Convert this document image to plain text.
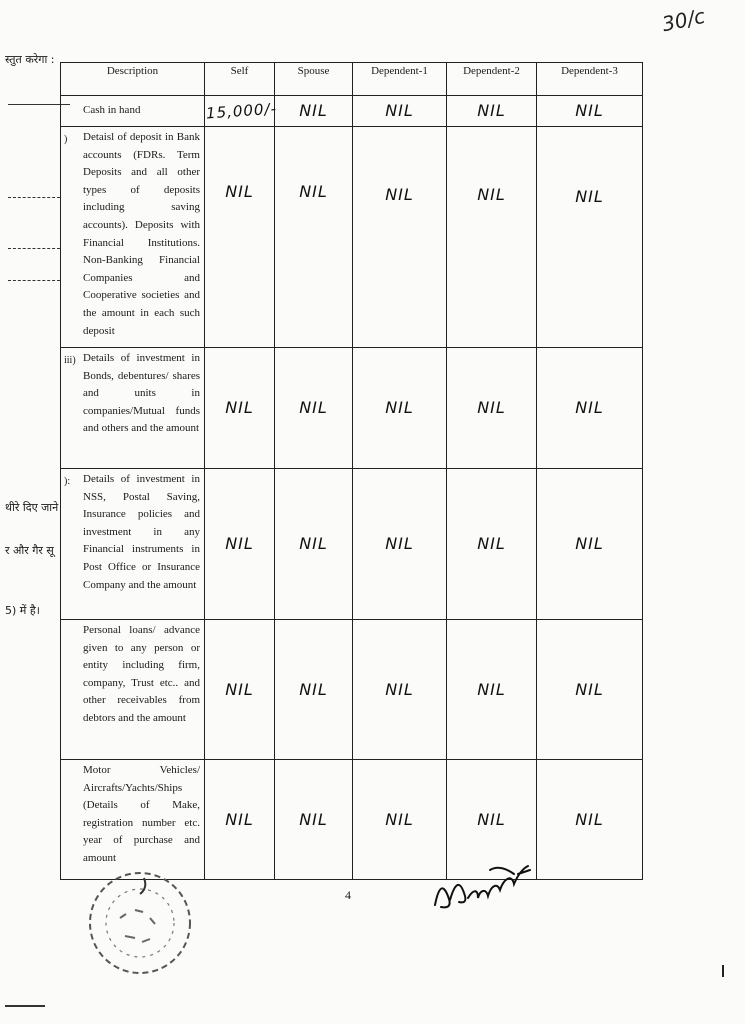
30/c
स्तुत करेगा :
थीरे दिए जाने
र और गैर सू
5) में है।
Description	Self	Spouse	Dependent-1	Dependent-2	Dependent-3
Cash in hand	15,000/-	NIL	NIL	NIL	NIL

) Detaisl of deposit in Bank accounts (FDRs. Term Deposits and all other types of deposits including saving accounts). Deposits with Financial Institutions. Non-Banking Financial Companies and Cooperative societies and the amount in each such deposit	NIL	NIL	NIL	NIL	NIL

iii) Details of investment in Bonds, debentures/ shares and units in companies/Mutual funds and others and the amount	NIL	NIL	NIL	NIL	NIL

): Details of investment in NSS, Postal Saving, Insurance policies and investment in any Financial instruments in Post Office or Insurance Company and the amount	NIL	NIL	NIL	NIL	NIL
Personal loans/ advance given to any person or entity including firm, company, Trust etc.. and other receivables from debtors and the amount	NIL	NIL	NIL	NIL	NIL
Motor Vehicles/ Aircrafts/Yachts/Ships (Details of Make, registration number etc. year of purchase and amount	NIL	NIL	NIL	NIL	NIL
4
